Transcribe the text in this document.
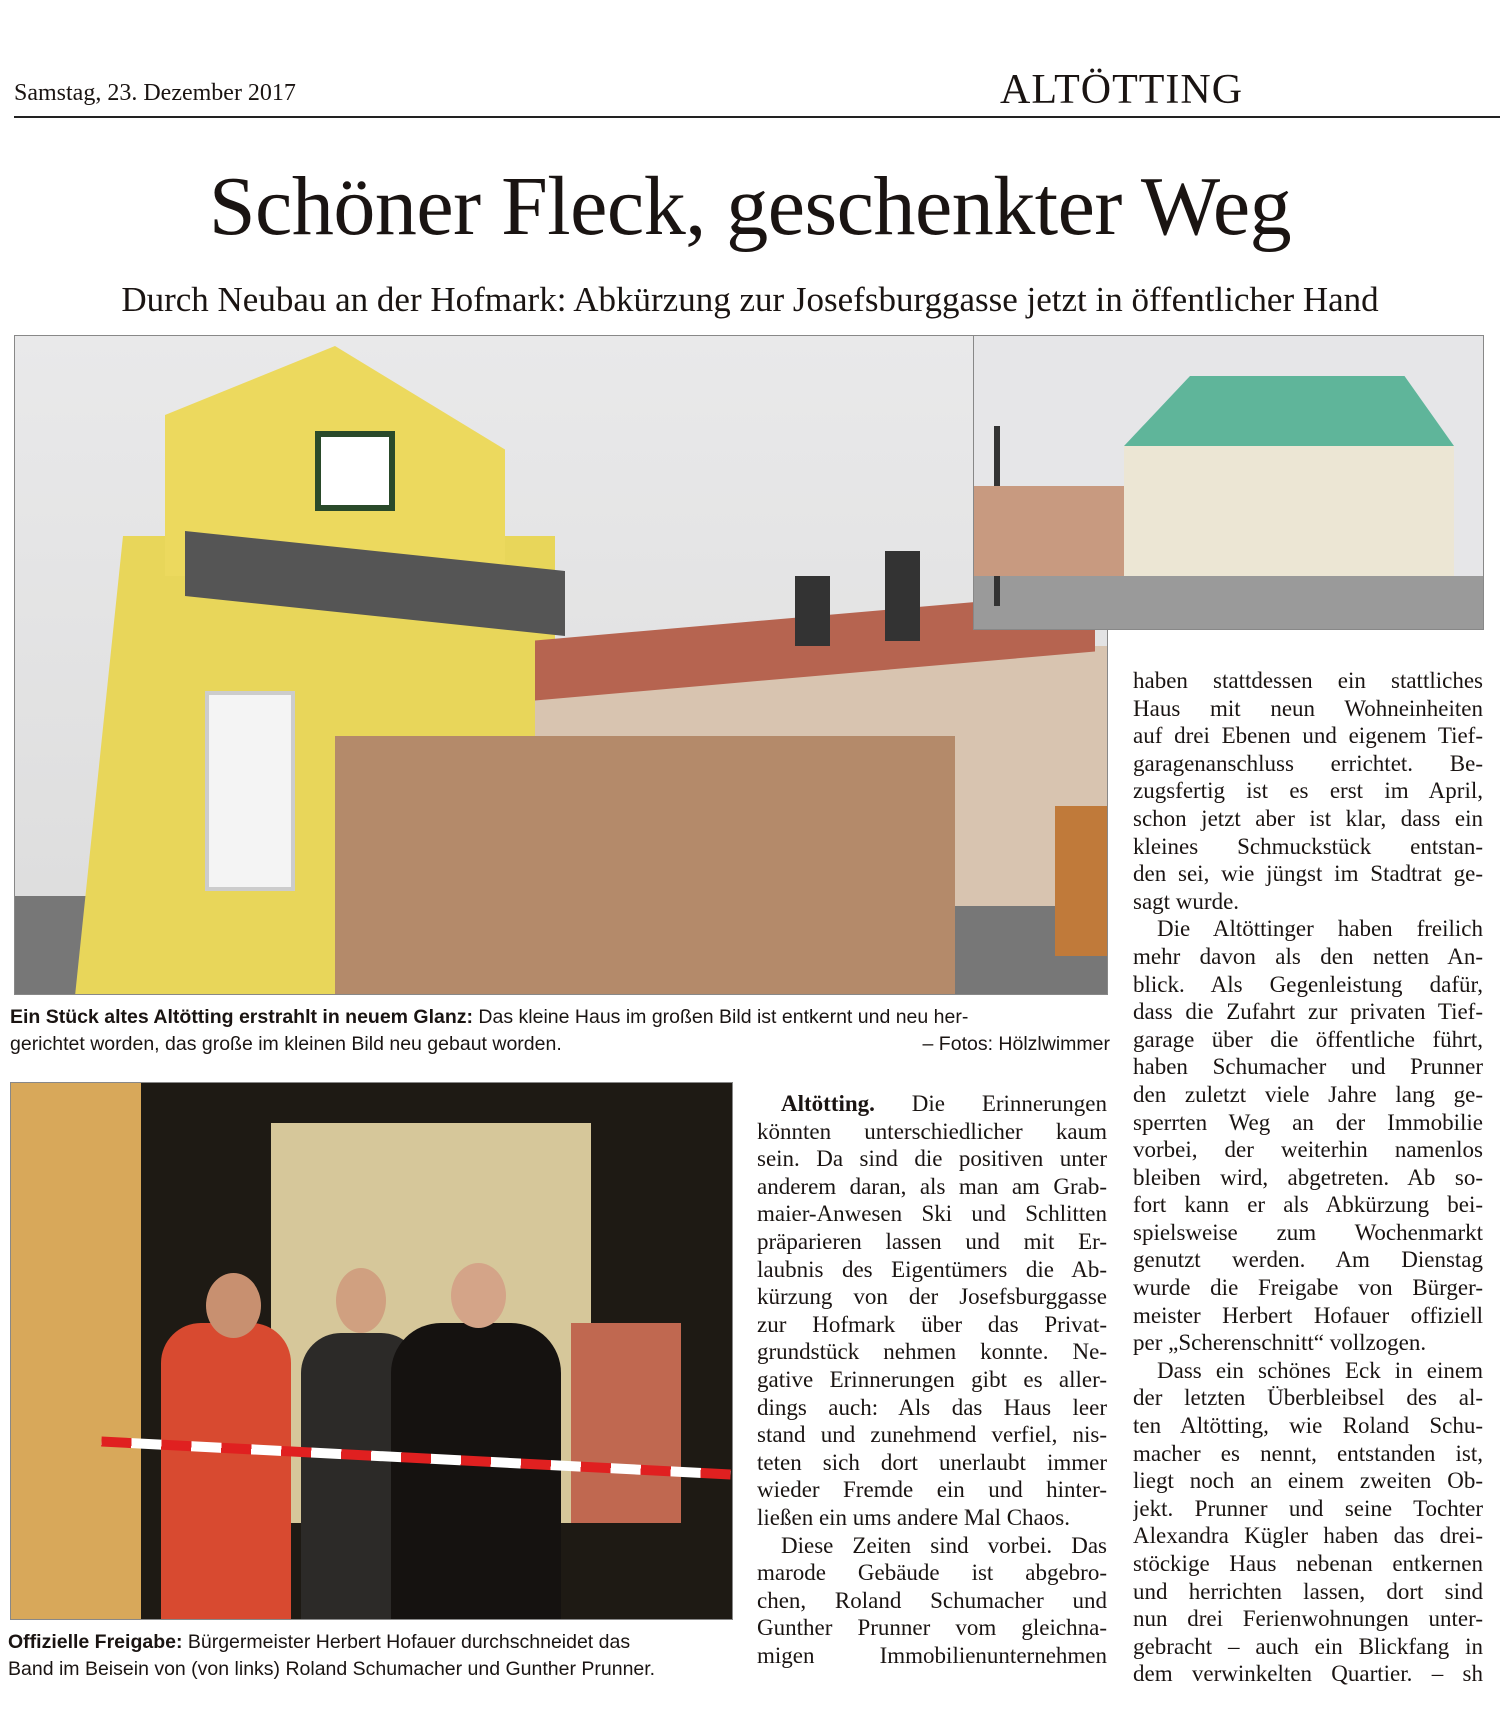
Samstag, 23. Dezember 2017	ALTÖTTING
Schöner Fleck, geschenkter Weg
Durch Neubau an der Hofmark: Abkürzung zur Josefsburggasse jetzt in öffentlicher Hand
Ein Stück altes Altötting erstrahlt in neuem Glanz: Das kleine Haus im großen Bild ist entkernt und neu her-
gerichtet worden, das große im kleinen Bild neu gebaut worden.	– Fotos: Hölzlwimmer
Offizielle Freigabe: Bürgermeister Herbert Hofauer durchschneidet das
Band im Beisein von (von links) Roland Schumacher und Gunther Prunner.
Altötting. Die Erinnerungen
könnten unterschiedlicher kaum
sein. Da sind die positiven unter
anderem daran, als man am Grab-
maier-Anwesen Ski und Schlitten
präparieren lassen und mit Er-
laubnis des Eigentümers die Ab-
kürzung von der Josefsburggasse
zur Hofmark über das Privat-
grundstück nehmen konnte. Ne-
gative Erinnerungen gibt es aller-
dings auch: Als das Haus leer
stand und zunehmend verfiel, nis-
teten sich dort unerlaubt immer
wieder Fremde ein und hinter-
ließen ein ums andere Mal Chaos.
Diese Zeiten sind vorbei. Das
marode Gebäude ist abgebro-
chen, Roland Schumacher und
Gunther Prunner vom gleichna-
migen Immobilienunternehmen
haben stattdessen ein stattliches
Haus mit neun Wohneinheiten
auf drei Ebenen und eigenem Tief-
garagenanschluss errichtet. Be-
zugsfertig ist es erst im April,
schon jetzt aber ist klar, dass ein
kleines Schmuckstück entstan-
den sei, wie jüngst im Stadtrat ge-
sagt wurde.
Die Altöttinger haben freilich
mehr davon als den netten An-
blick. Als Gegenleistung dafür,
dass die Zufahrt zur privaten Tief-
garage über die öffentliche führt,
haben Schumacher und Prunner
den zuletzt viele Jahre lang ge-
sperrten Weg an der Immobilie
vorbei, der weiterhin namenlos
bleiben wird, abgetreten. Ab so-
fort kann er als Abkürzung bei-
spielsweise zum Wochenmarkt
genutzt werden. Am Dienstag
wurde die Freigabe von Bürger-
meister Herbert Hofauer offiziell
per „Scherenschnitt“ vollzogen.
Dass ein schönes Eck in einem
der letzten Überbleibsel des al-
ten Altötting, wie Roland Schu-
macher es nennt, entstanden ist,
liegt noch an einem zweiten Ob-
jekt. Prunner und seine Tochter
Alexandra Kügler haben das drei-
stöckige Haus nebenan entkernen
und herrichten lassen, dort sind
nun drei Ferienwohnungen unter-
gebracht – auch ein Blickfang in
dem verwinkelten Quartier. – sh
